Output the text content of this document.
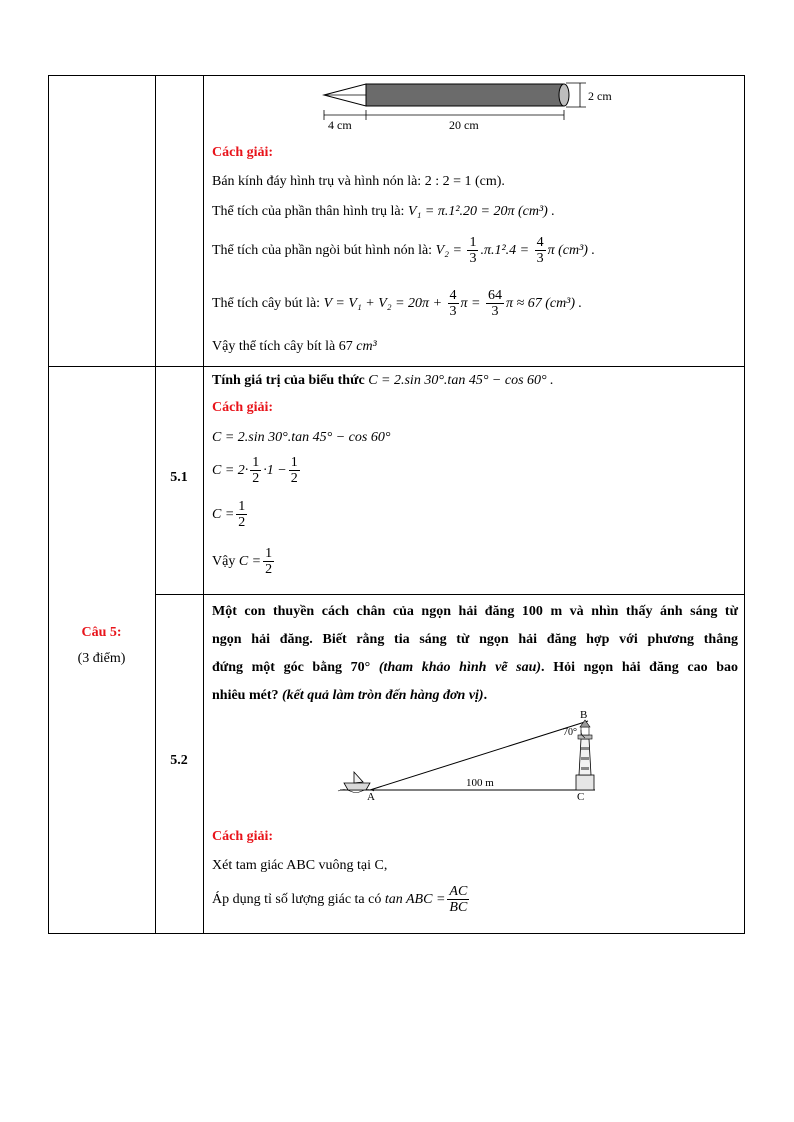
2 cm
4 cm	20 cm
Cách giải:
Bán kính đáy hình trụ và hình nón là: 2 : 2 = 1 (cm).
Thể tích của phần thân hình trụ là: V₁ = π.1².20 = 20π (cm³) .
Thể tích của phần ngòi bút hình nón là: $V_2 = \frac{1}{3} .\pi.1^2.4 = \frac{4}{3}$ π (cm³) .
Thể tích cây bút là: $V = V_1 + V_2 = 20\pi + \frac{4}{3}$ $\pi = \frac{64}{3}$ π ≈ 67 (cm³) .
Vậy thể tích cây bít là 67 cm³
Câu 5:
(3 điểm)
5.1
Tính giá trị của biểu thức C = 2.sin 30°.tan 45° − cos 60° .
Cách giải:
C = 2.sin 30°.tan 45° − cos 60°
$C = 2\cdot \frac{1}{2} \cdot 1 - \frac{1}{2}$
$C = \frac{1}{2}$
Vậy $C = \frac{1}{2}$
5.2
Một con thuyền cách chân của ngọn hải đăng 100 m và nhìn thấy ánh sáng từ
ngọn hải đăng. Biết rằng tia sáng từ ngọn hải đăng hợp với phương thẳng
đứng một góc bằng 70° (tham khảo hình vẽ sau). Hỏi ngọn hải đăng cao bao
nhiêu mét? (kết quả làm tròn đến hàng đơn vị).
A
B
C
100 m
70°
Cách giải:
Xét tam giác ABC vuông tại C,
Áp dụng tỉ số lượng giác ta có tan ABC = $\frac{AC}{BC}$
